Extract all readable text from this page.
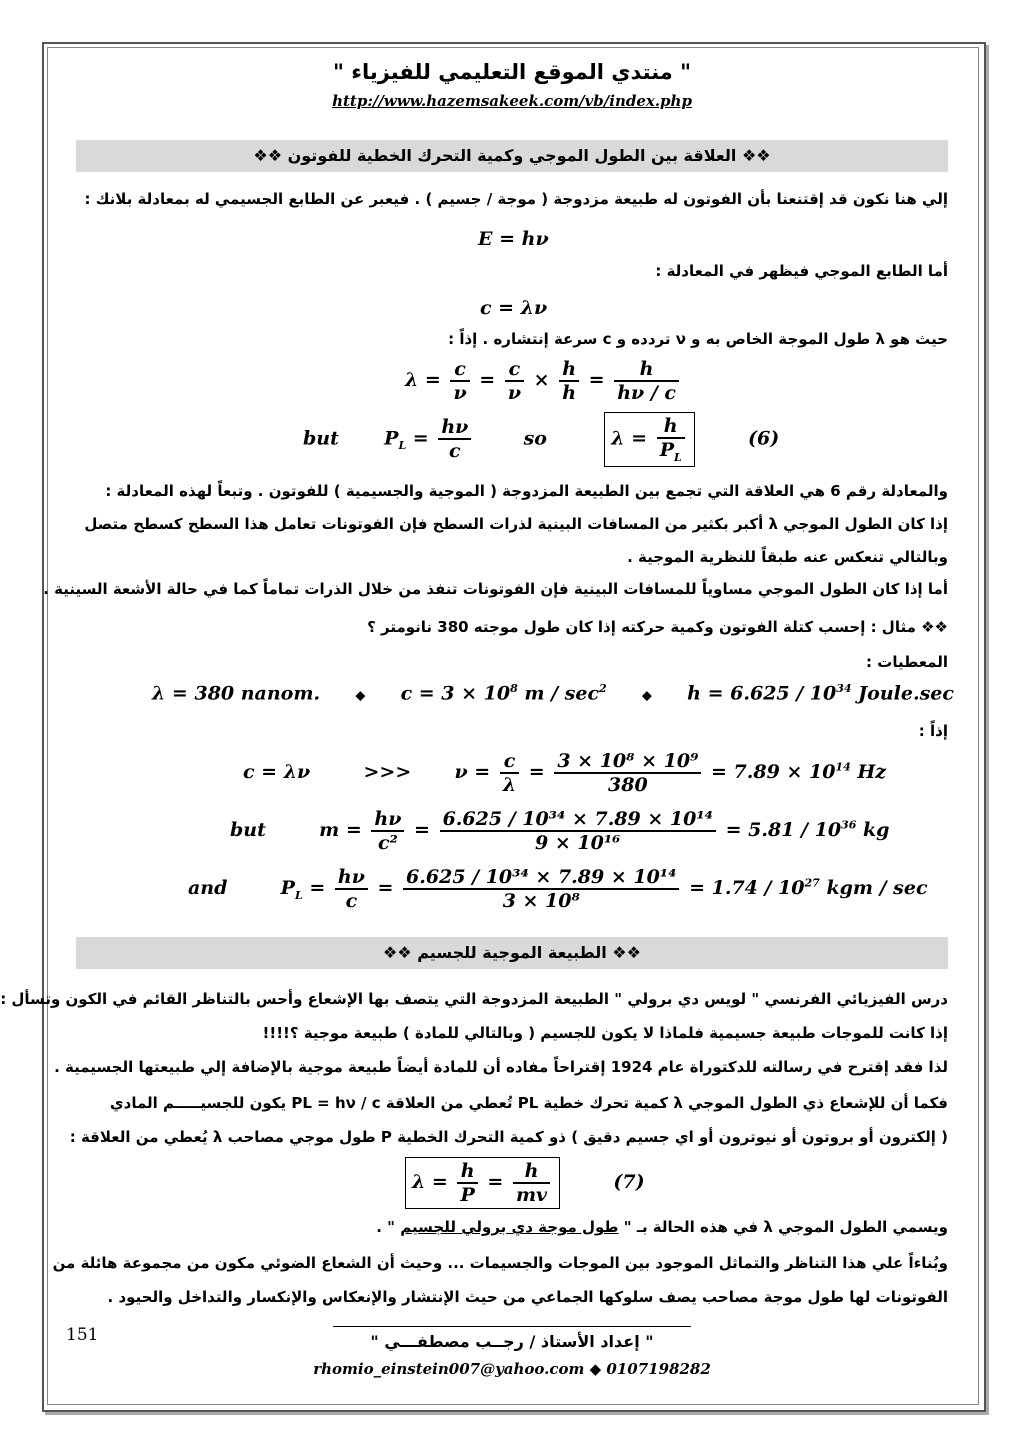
" منتدي الموقع التعليمي للفيزياء "
http://www.hazemsakeek.com/vb/index.php
❖❖ العلاقة بين الطول الموجي وكمية التحرك الخطية للفوتون ❖❖
إلي هنا نكون قد إقتنعنا بأن الفوتون له طبيعة مزدوجة ( موجة / جسيم ) . فيعبر عن الطابع الجسيمي له بمعادلة بلانك :
E = hν
أما الطابع الموجي فيظهر في المعادلة :
c = λν
حيث هو λ طول الموجة الخاص به و ν تردده و c سرعة إنتشاره . إذاً :
$\lambda = \frac{c}{\nu} = \frac{c}{\nu} \times \frac{h}{h} = \frac{h}{h\nu / c}$
but $P_L = \frac{h\nu}{c}$	so	$\lambda = \frac{h}{P_L}$	(6)
والمعادلة رقم 6 هي العلاقة التي تجمع بين الطبيعة المزدوجة ( الموجية والجسيمية ) للفوتون . وتبعاً لهذه المعادلة :
إذا كان الطول الموجي λ أكبر بكثير من المسافات البينية لذرات السطح فإن الفوتونات تعامل هذا السطح كسطح متصل
وبالتالي تنعكس عنه طبقاً للنظرية الموجية .
أما إذا كان الطول الموجي مساوياً للمسافات البينية فإن الفوتونات تنفذ من خلال الذرات تماماً كما في حالة الأشعة السينية .
❖❖ مثال : إحسب كتلة الفوتون وكمية حركته إذا كان طول موجته 380 نانومتر ؟
المعطيات :
λ = 380 nanom.	◆ $c = 3 \times 10^8$ m / $\sec^2$	◆ $h = 6.625 / 10^{34}$ Joule.sec
إذاً :
c = λν	>>> $\nu = \frac{c}{\lambda} = \frac{\text{3 × 10⁸ × 10⁹}}{380} = 7.89 \times 10^{14}$ Hz
but	$m = \frac{h\nu}{\text{c²}} = \frac{\text{6.625 / 10³⁴ × 7.89 × 10¹⁴}}{\text{9 × 10¹⁶}} = 5.81 / 10^{36}$ kg
and	$P_L = \frac{h\nu}{c} = \frac{\text{6.625 / 10³⁴ × 7.89 × 10¹⁴}}{\text{3 × 10⁸}} = 1.74 / 10^{27}$ kgm / sec
❖❖ الطبيعة الموجية للجسيم ❖❖
درس الفيزيائي الفرنسي " لويس دي برولي " الطبيعة المزدوجة التي يتصف بها الإشعاع وأحس بالتناظر القائم في الكون وتسأل :
إذا كانت للموجات طبيعة جسيمية فلماذا لا يكون للجسيم ( وبالتالي للمادة ) طبيعة موجية ؟!!!!
لذا فقد إقترح في رسالته للدكتوراة عام 1924 إقتراحاً مفاده أن للمادة أيضاً طبيعة موجية بالإضافة إلي طبيعتها الجسيمية .
فكما أن للإشعاع ذي الطول الموجي λ كمية تحرك خطية PL تُعطي من العلاقة PL = hν / c يكون للجسيـــــم المادي
( إلكترون أو بروتون أو نيوترون أو اي جسيم دقيق ) ذو كمية التحرك الخطية P طول موجي مصاحب λ يُعطي من العلاقة :
$\lambda = \frac{h}{P} = \frac{h}{mv}$	(7)
ويسمي الطول الموجي λ في هذه الحالة بـ " طول موجة دي برولي للجسيم " .
وبُناءاً علي هذا التناظر والتماثل الموجود بين الموجات والجسيمات ... وحيث أن الشعاع الضوئي مكون من مجموعة هائلة من
الفوتونات لها طول موجة مصاحب يصف سلوكها الجماعي من حيث الإنتشار والإنعكاس والإنكسار والتداخل والحيود .
151	" إعداد الأستاذ / رجــب مصطفـــي "
rhomio_einstein007@yahoo.com ◆ 0107198282
